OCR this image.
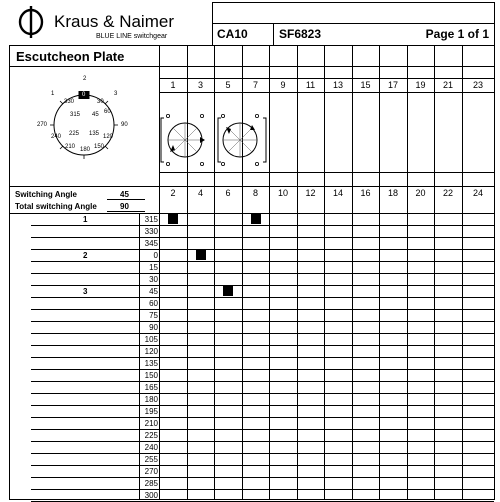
Kraus & Naimer
BLUE LINE switchgear	CA10	SF6823	Page 1 of 1
Escutcheon Plate
0
1
2
3
330	30
315 45 60
270	90
240 225 135 120
210 180 150
Switching Angle	45
Total switching Angle	90
1	3	5	7	9	11	13	15	17	19	21	23
2	4	6	8	10	12	14	16	18	20	22	24
1	315
330
345
2	0
15
30
3	45
60
75
90
105
120
135
150
165
180
195
210
225
240
255
270
285
300
